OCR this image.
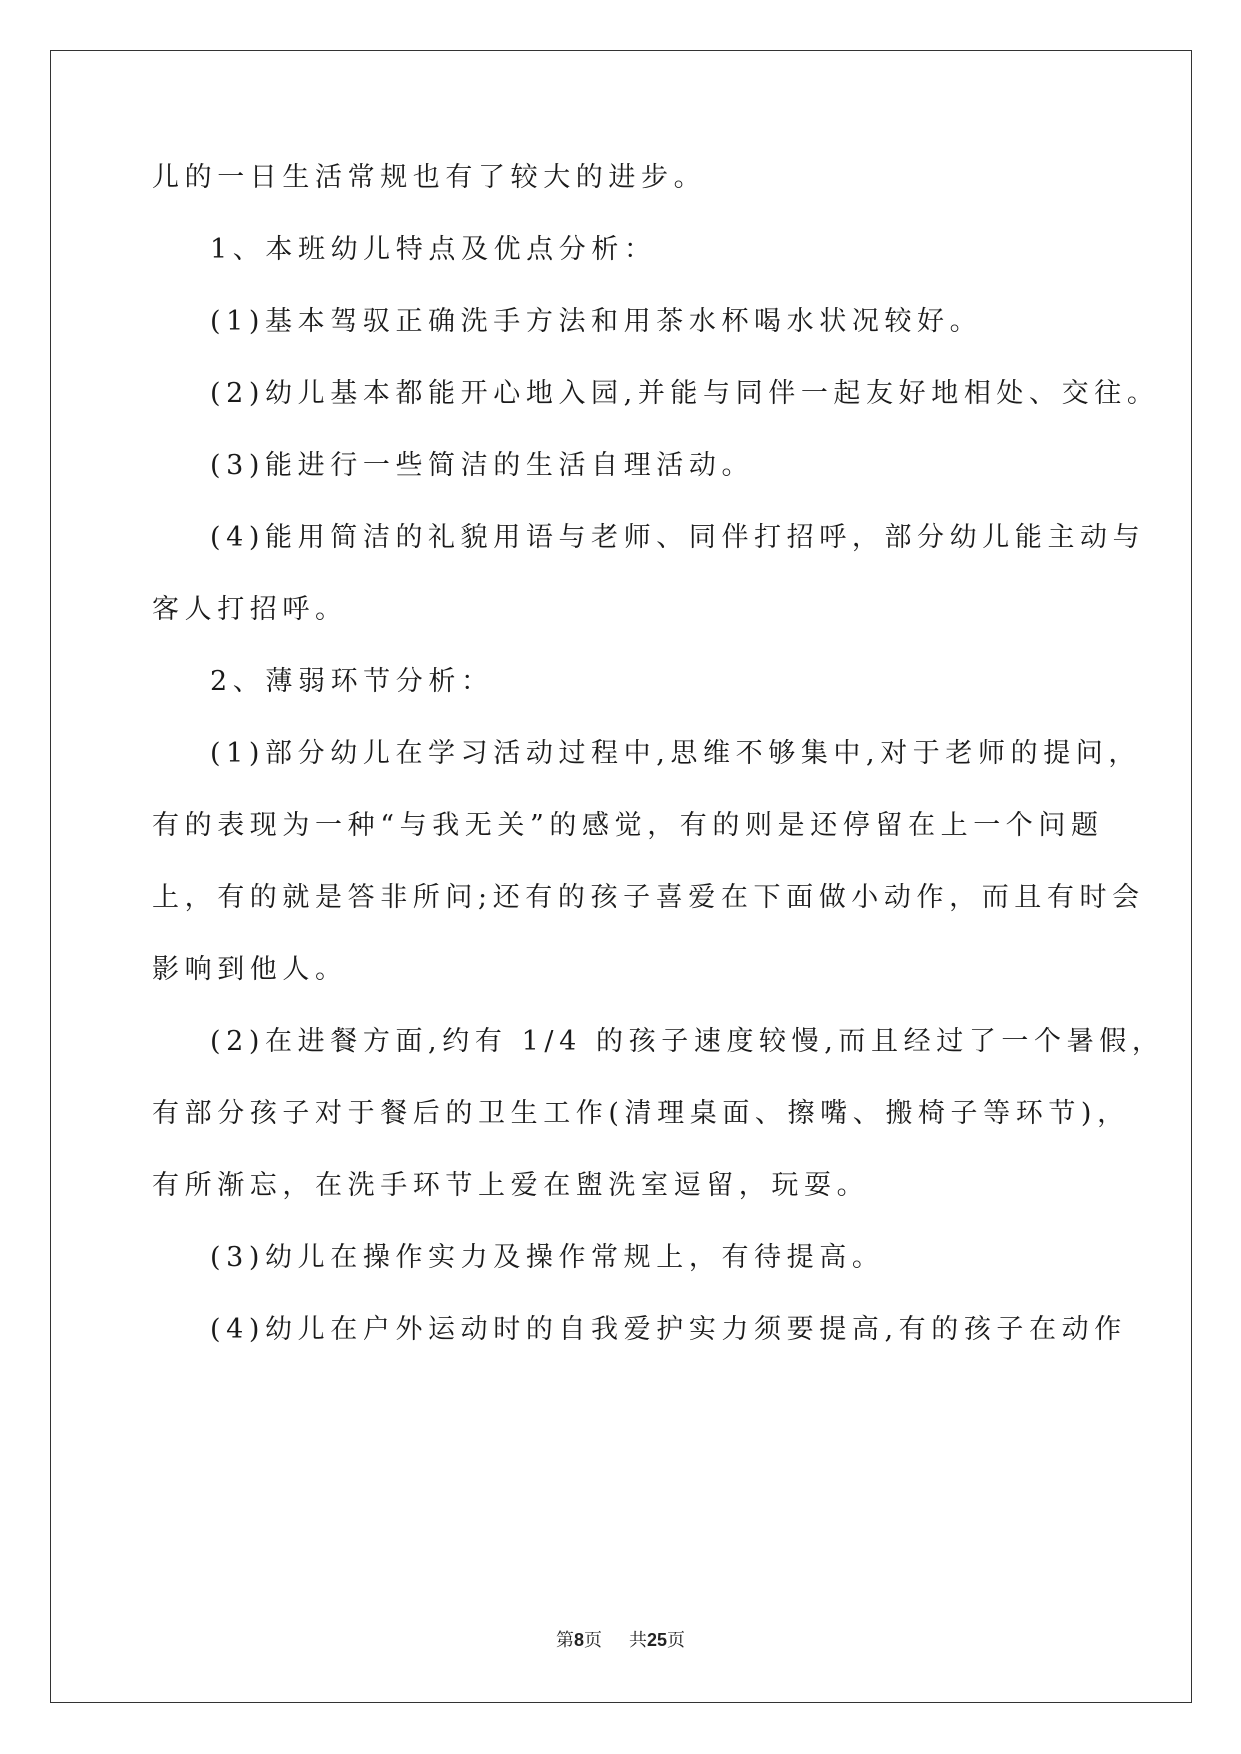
儿的一日生活常规也有了较大的进步。
1、本班幼儿特点及优点分析：
(1)基本驾驭正确洗手方法和用茶水杯喝水状况较好。
(2)幼儿基本都能开心地入园,并能与同伴一起友好地相处、交往。
(3)能进行一些简洁的生活自理活动。
(4)能用简洁的礼貌用语与老师、同伴打招呼，部分幼儿能主动与
客人打招呼。
2、薄弱环节分析：
(1)部分幼儿在学习活动过程中,思维不够集中,对于老师的提问，
有的表现为一种“与我无关”的感觉，有的则是还停留在上一个问题
上，有的就是答非所问;还有的孩子喜爱在下面做小动作，而且有时会
影响到他人。
(2)在进餐方面,约有 1/4 的孩子速度较慢,而且经过了一个暑假，
有部分孩子对于餐后的卫生工作(清理桌面、擦嘴、搬椅子等环节)，
有所渐忘，在洗手环节上爱在盥洗室逗留，玩耍。
(3)幼儿在操作实力及操作常规上，有待提高。
(4)幼儿在户外运动时的自我爱护实力须要提高,有的孩子在动作
第8页 共25页
